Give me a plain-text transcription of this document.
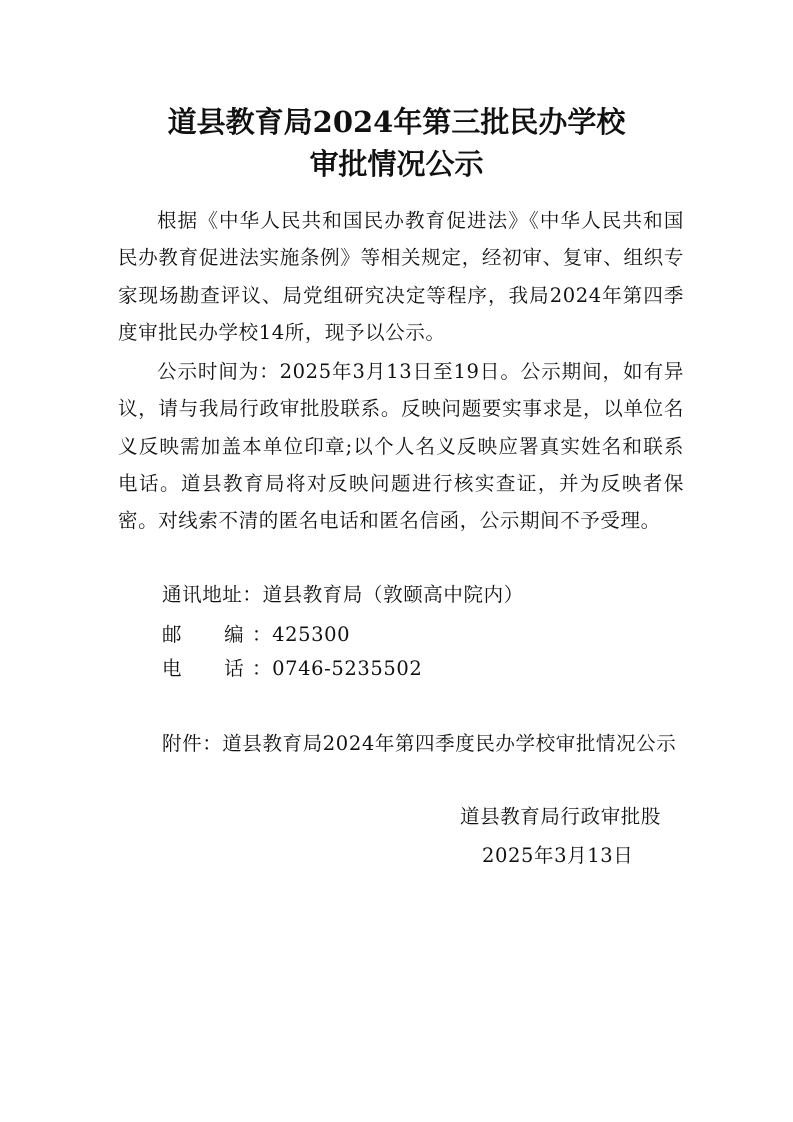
道县教育局2024年第三批民办学校
审批情况公示
根据《中华人民共和国民办教育促进法》《中华人民共和国民办教育促进法实施条例》等相关规定，经初审、复审、组织专家现场勘查评议、局党组研究决定等程序，我局2024年第四季度审批民办学校14所，现予以公示。
公示时间为：2025年3月13日至19日。公示期间，如有异议，请与我局行政审批股联系。反映问题要实事求是，以单位名义反映需加盖本单位印章;以个人名义反映应署真实姓名和联系电话。道县教育局将对反映问题进行核实查证，并为反映者保密。对线索不清的匿名电话和匿名信函，公示期间不予受理。
通讯地址：道县教育局（敦颐高中院内）
邮 编 ：425300
电 话 ：0746-5235502
附件：道县教育局2024年第四季度民办学校审批情况公示
道县教育局行政审批股
2025年3月13日
